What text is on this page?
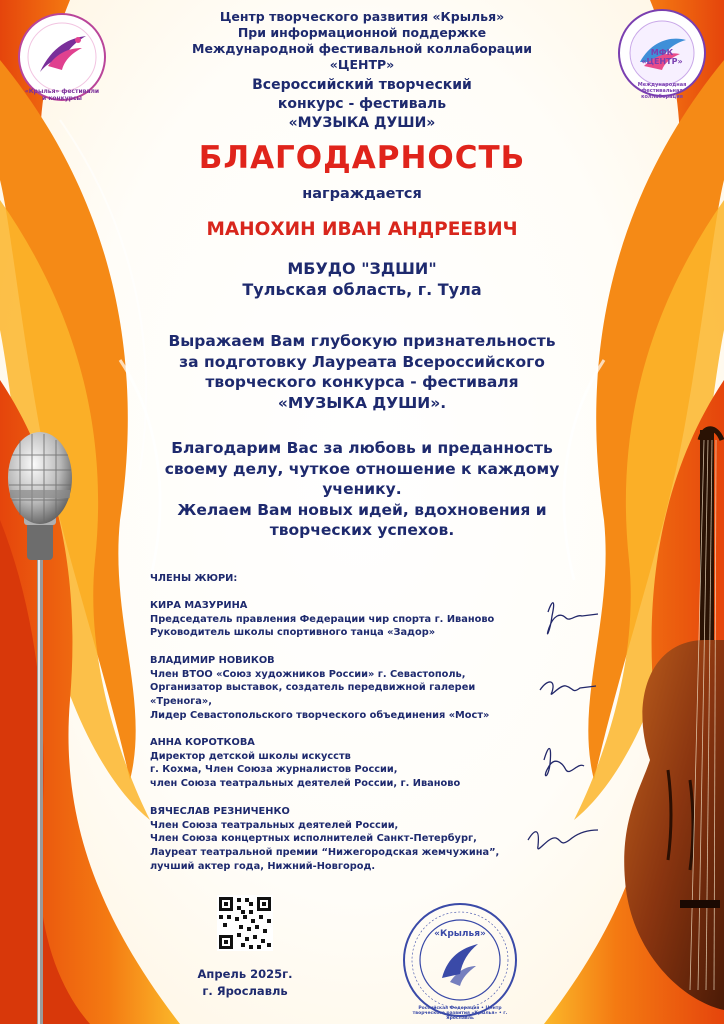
Центр творческого развития «Крылья»
При информационной поддержке
Международной фестивальной коллаборации
«ЦЕНТР»
Всероссийский творческий
конкурс - фестиваль
«МУЗЫКА ДУШИ»
«Крылья» фестивали и конкурсы
МФК «ЦЕНТР»
Международная фестивальная коллаборация
БЛАГОДАРНОСТЬ
награждается
МАНОХИН ИВАН АНДРЕЕВИЧ
МБУДО "ЗДШИ"
Тульская область, г. Тула
Выражаем Вам глубокую признательность
за подготовку Лауреата Всероссийского
творческого конкурса - фестиваля
«МУЗЫКА ДУШИ».
Благодарим Вас за любовь и преданность
своему делу, чуткое отношение к каждому
ученику.
Желаем Вам новых идей, вдохновения и
творческих успехов.
ЧЛЕНЫ ЖЮРИ:
КИРА МАЗУРИНА
Председатель правления Федерации чир спорта г. Иваново
Руководитель школы спортивного танца «Задор»
ВЛАДИМИР НОВИКОВ
Член ВТОО «Союз художников России» г. Севастополь,
Организатор выставок, создатель передвижной галереи
«Тренога»,
Лидер Севастопольского творческого объединения «Мост»
АННА КОРОТКОВА
Директор детской школы искусств
г. Кохма, Член Союза журналистов России,
член Союза театральных деятелей России, г. Иваново
ВЯЧЕСЛАВ РЕЗНИЧЕНКО
Член Союза театральных деятелей России,
Член Союза концертных исполнителей Санкт-Петербург,
Лауреат театральной премии “Нижегородская жемчужина”,
лучший актер года, Нижний-Новгород.
Апрель 2025г.
г. Ярославль
«Крылья»
Российская Федерация • Центр творческого развития «Крылья» • г. Ярославль
